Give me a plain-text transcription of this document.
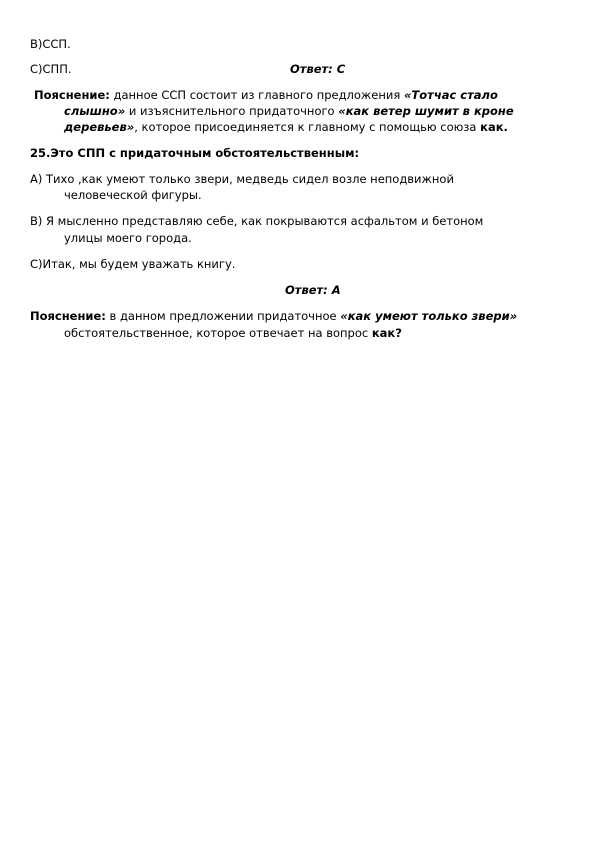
В)ССП.
С)СПП.	Ответ: С
Пояснение: данное ССП состоит из главного предложения «Тотчас стало
слышно» и изъяснительного придаточного «как ветер шумит в кроне
деревьев», которое присоединяется к главному с помощью союза как.
25.Это СПП с придаточным обстоятельственным:
А) Тихо ,как умеют только звери, медведь сидел возле неподвижной
человеческой фигуры.
В) Я мысленно представляю себе, как покрываются асфальтом и бетоном
улицы моего города.
С)Итак, мы будем уважать книгу.
Ответ: А
Пояснение: в данном предложении придаточное «как умеют только звери»
обстоятельственное, которое отвечает на вопрос как?
